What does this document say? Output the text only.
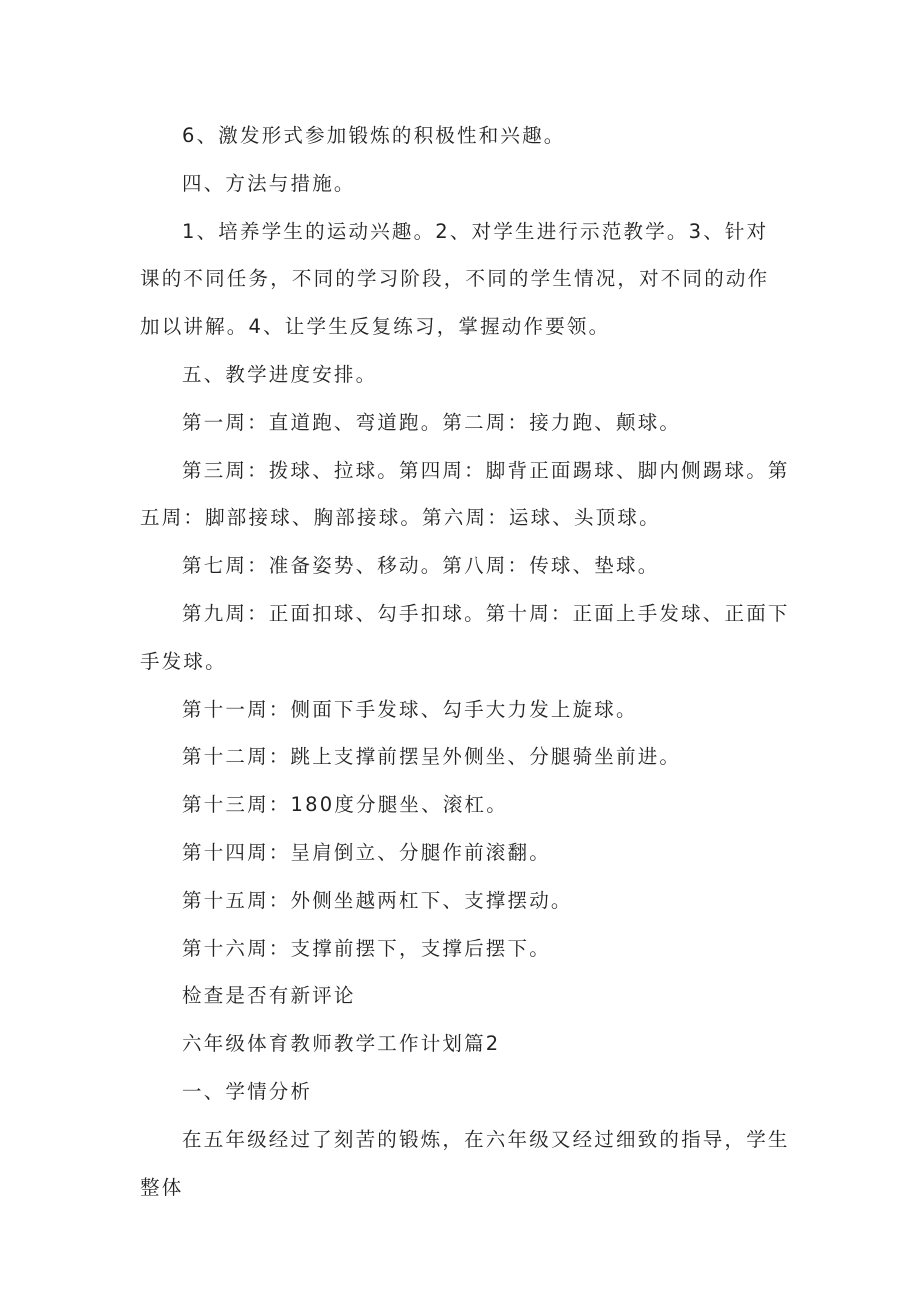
6、激发形式参加锻炼的积极性和兴趣。

四、方法与措施。

1、培养学生的运动兴趣。2、对学生进行示范教学。3、针对课的不同任务，不同的学习阶段，不同的学生情况，对不同的动作加以讲解。4、让学生反复练习，掌握动作要领。

五、教学进度安排。

第一周：直道跑、弯道跑。第二周：接力跑、颠球。

第三周：拨球、拉球。第四周：脚背正面踢球、脚内侧踢球。第五周：脚部接球、胸部接球。第六周：运球、头顶球。

第七周：准备姿势、移动。第八周：传球、垫球。

第九周：正面扣球、勾手扣球。第十周：正面上手发球、正面下手发球。

第十一周：侧面下手发球、勾手大力发上旋球。

第十二周：跳上支撑前摆呈外侧坐、分腿骑坐前进。

第十三周：180度分腿坐、滚杠。

第十四周：呈肩倒立、分腿作前滚翻。

第十五周：外侧坐越两杠下、支撑摆动。

第十六周：支撑前摆下，支撑后摆下。

检查是否有新评论

六年级体育教师教学工作计划篇2

一、学情分析

在五年级经过了刻苦的锻炼，在六年级又经过细致的指导，学生整体
